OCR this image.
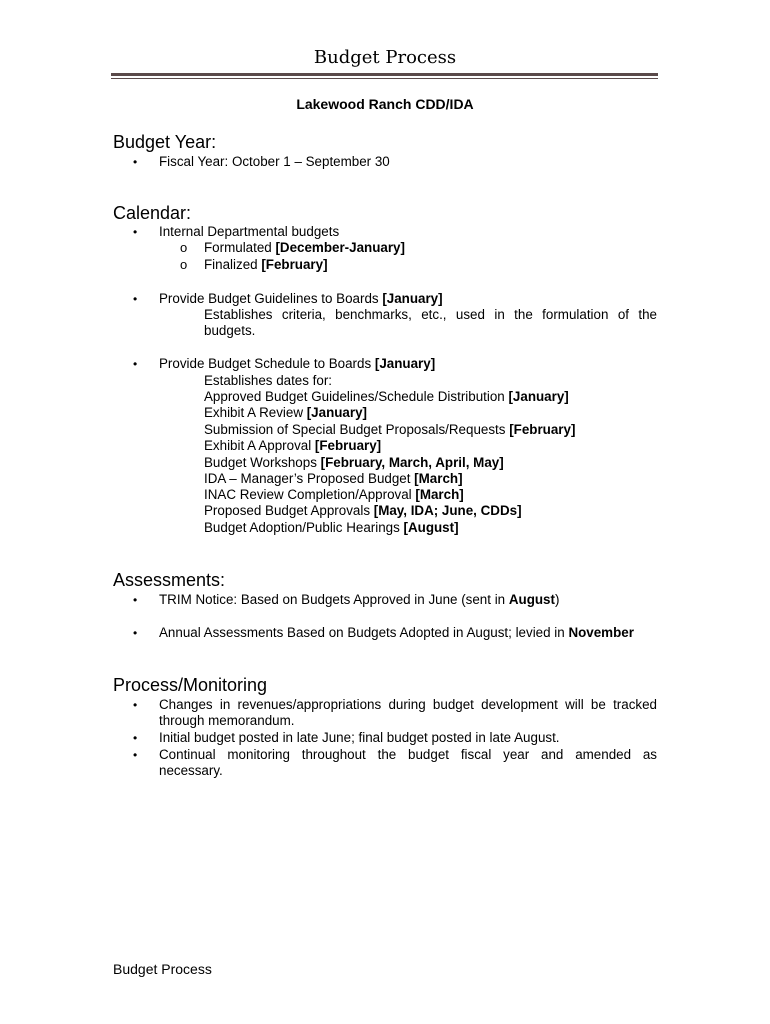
Budget Process
Lakewood Ranch CDD/IDA
Budget Year:
• Fiscal Year: October 1 – September 30
Calendar:
• Internal Departmental budgets
o Formulated [December-January]
o Finalized [February]
• Provide Budget Guidelines to Boards [January]
Establishes criteria, benchmarks, etc., used in the formulation of the
budgets.
• Provide Budget Schedule to Boards [January]
Establishes dates for:
Approved Budget Guidelines/Schedule Distribution [January]
Exhibit A Review [January]
Submission of Special Budget Proposals/Requests [February]
Exhibit A Approval [February]
Budget Workshops [February, March, April, May]
IDA – Manager’s Proposed Budget [March]
INAC Review Completion/Approval [March]
Proposed Budget Approvals [May, IDA; June, CDDs]
Budget Adoption/Public Hearings [August]
Assessments:
• TRIM Notice: Based on Budgets Approved in June (sent in August)
• Annual Assessments Based on Budgets Adopted in August; levied in November
Process/Monitoring
• Changes in revenues/appropriations during budget development will be tracked
through memorandum.
• Initial budget posted in late June; final budget posted in late August.
• Continual monitoring throughout the budget fiscal year and amended as
necessary.
Budget Process
